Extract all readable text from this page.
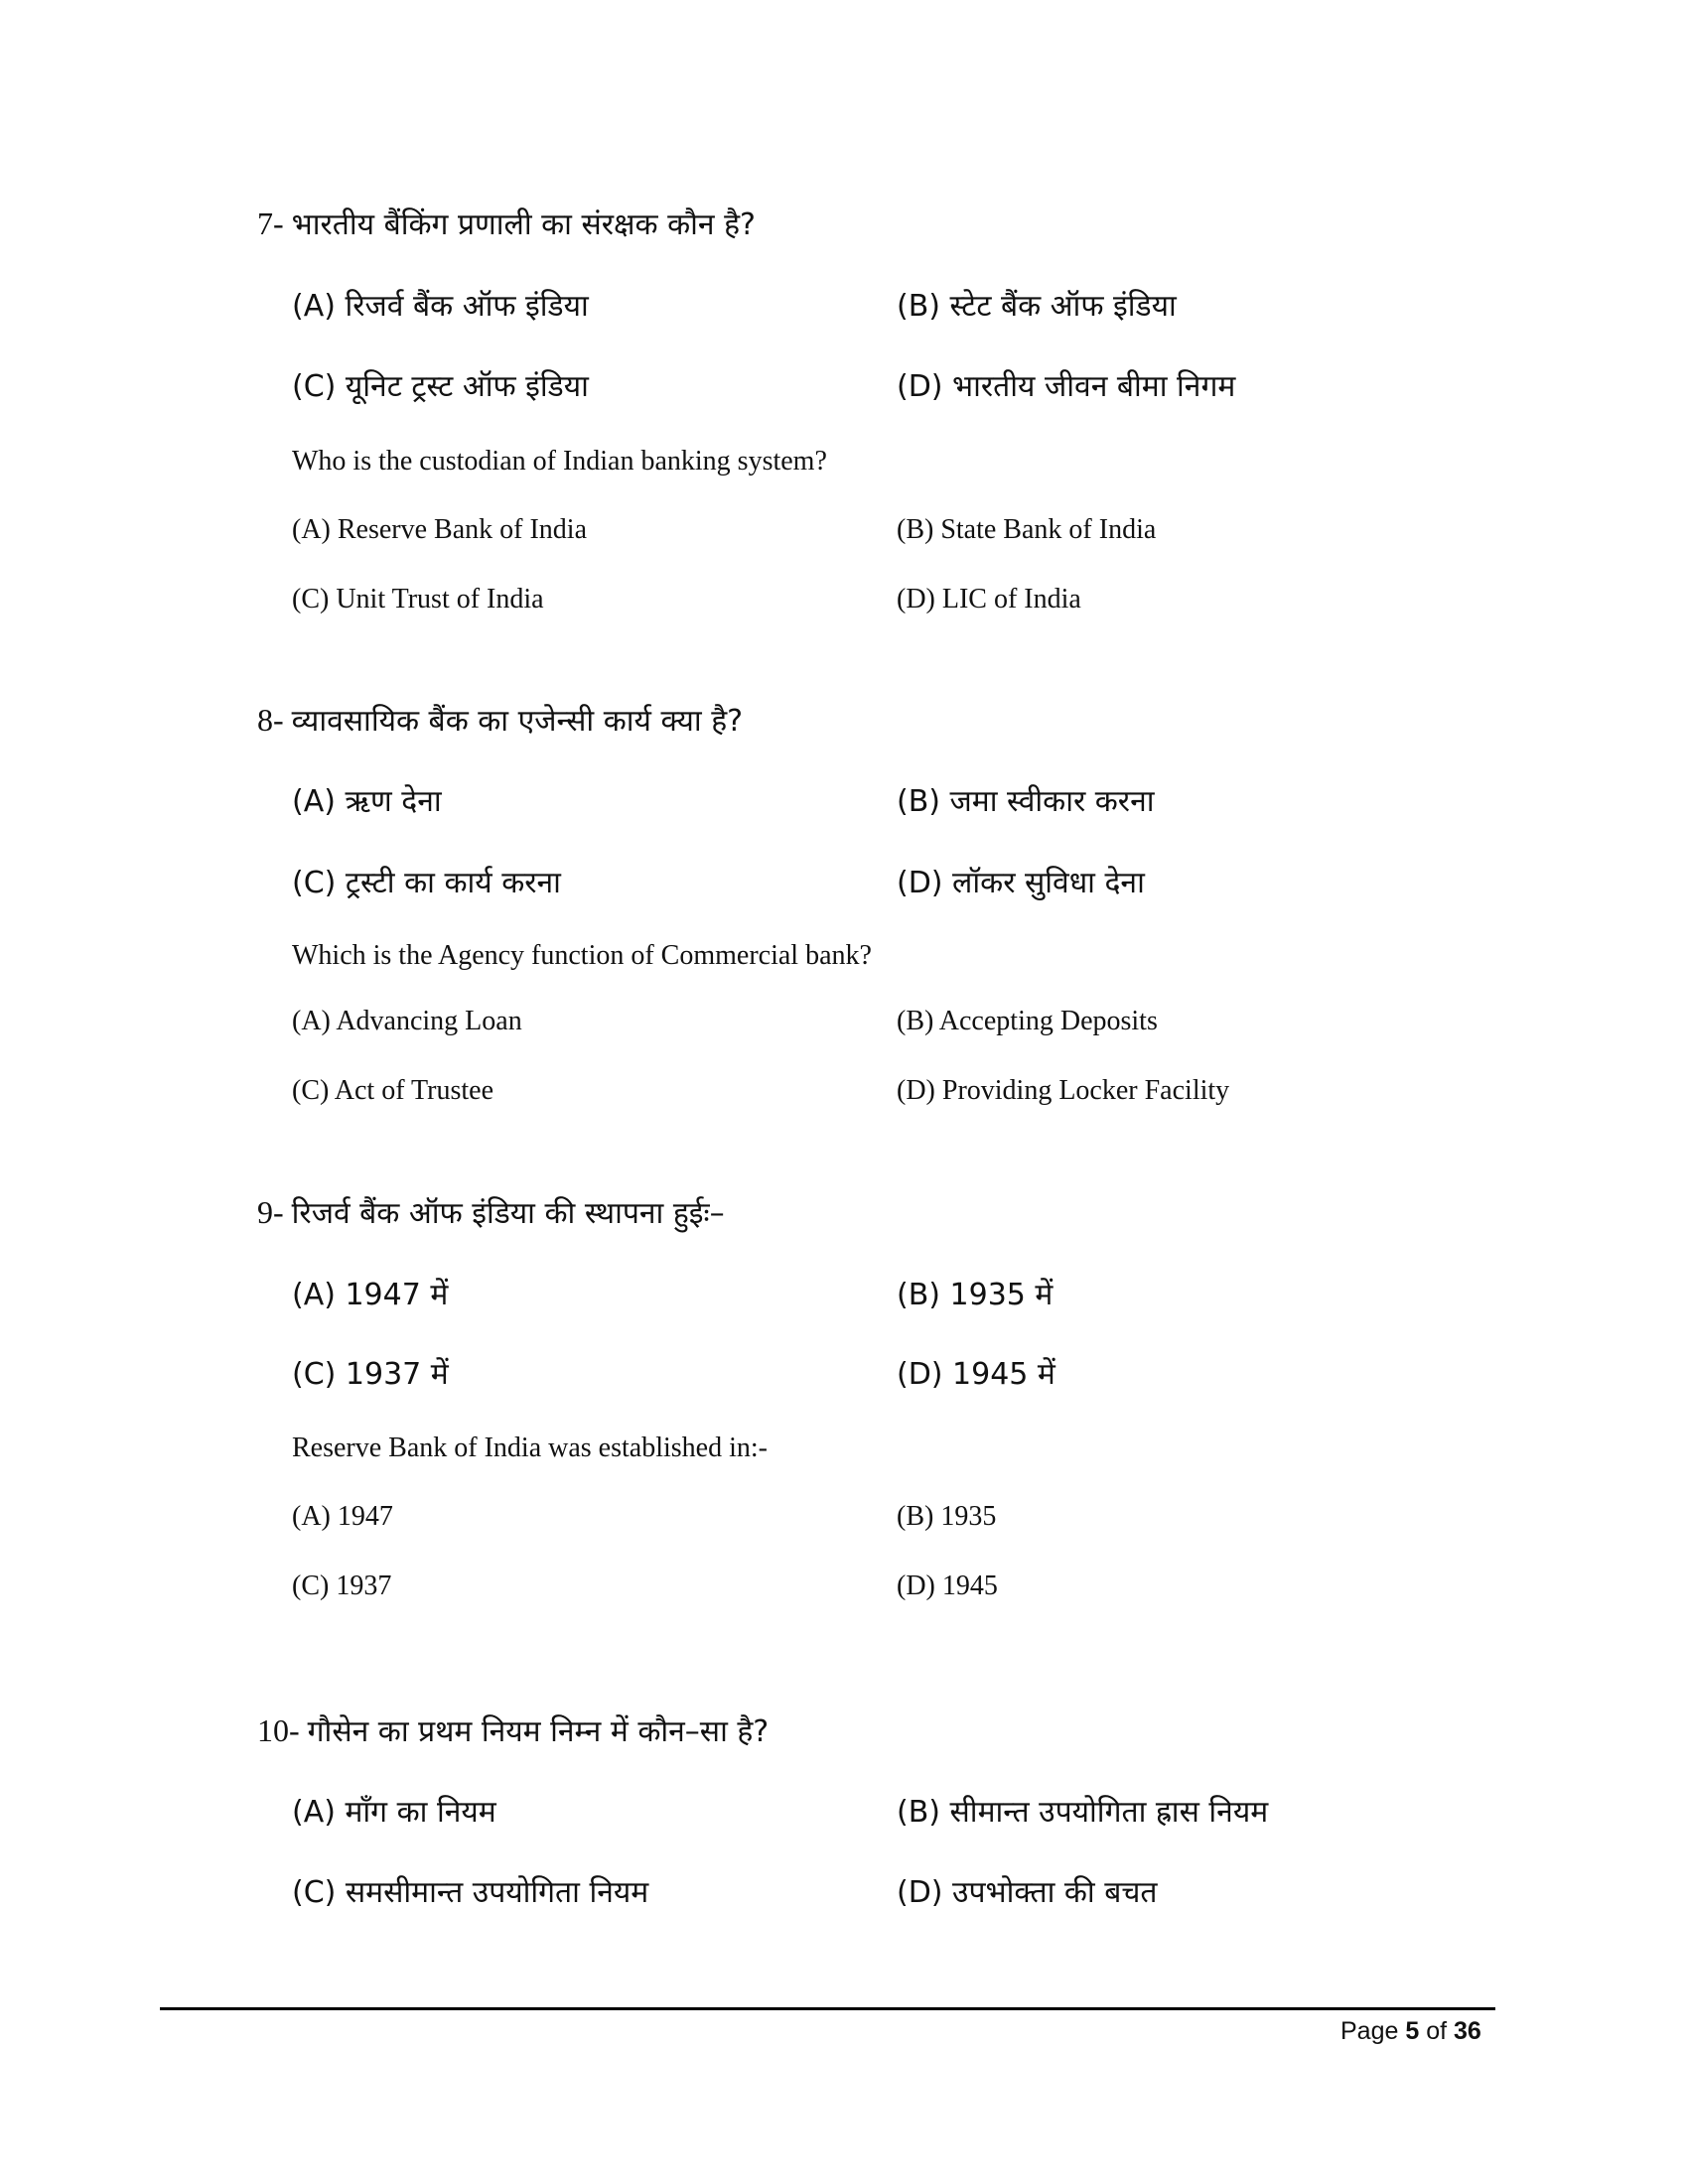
7- भारतीय बैंकिंग प्रणाली का संरक्षक कौन है?
(A) रिजर्व बैंक ऑफ इंडिया	(B) स्टेट बैंक ऑफ इंडिया
(C) यूनिट ट्रस्ट ऑफ इंडिया	(D) भारतीय जीवन बीमा निगम
Who is the custodian of Indian banking system?
(A) Reserve Bank of India	(B) State Bank of India
(C) Unit Trust of India	(D) LIC of India
8- व्यावसायिक बैंक का एजेन्सी कार्य क्या है?
(A) ऋण देना	(B) जमा स्वीकार करना
(C) ट्रस्टी का कार्य करना	(D) लॉकर सुविधा देना
Which is the Agency function of Commercial bank?
(A) Advancing Loan	(B) Accepting Deposits
(C) Act of Trustee	(D) Providing Locker Facility
9- रिजर्व बैंक ऑफ इंडिया की स्थापना हुईः–
(A) 1947 में	(B) 1935 में
(C) 1937 में	(D) 1945 में
Reserve Bank of India was established in:-
(A) 1947	(B) 1935
(C) 1937	(D) 1945
10- गौसेन का प्रथम नियम निम्न में कौन–सा है?
(A) माँग का नियम	(B) सीमान्त उपयोगिता ह्रास नियम
(C) समसीमान्त उपयोगिता नियम	(D) उपभोक्ता की बचत
Page 5 of 36
